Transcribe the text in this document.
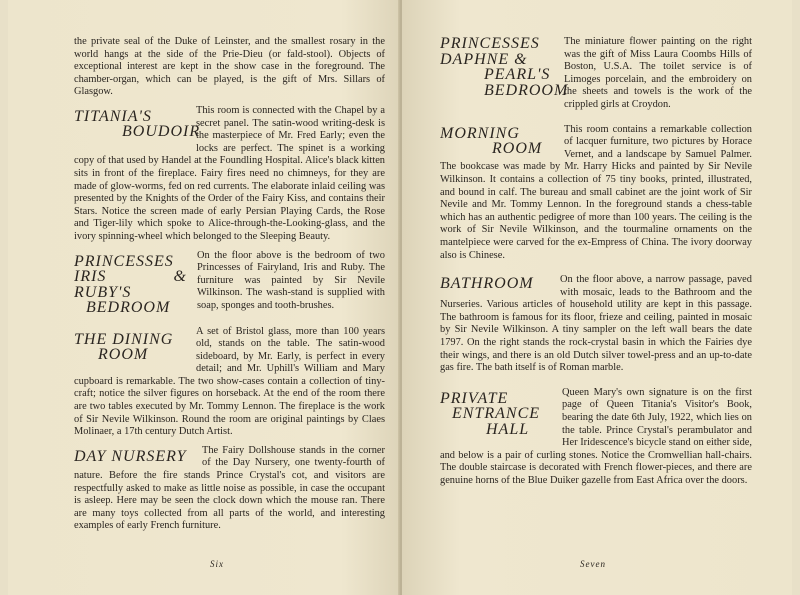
the private seal of the Duke of Leinster, and the smallest rosary in the world hangs at the side of the Prie-Dieu (or fald-stool). Objects of exceptional interest are kept in the show case in the foreground. The chamber-organ, which can be played, is the gift of Mrs. Sillars of Glasgow.

TITANIA'S
BOUDOIR

This room is connected with the Chapel by a secret panel. The satin-wood writing-desk is the masterpiece of Mr. Fred Early; even the locks are perfect. The spinet is a working copy of that used by Handel at the Foundling Hospital. Alice's black kitten sits in front of the fireplace. Fairy fires need no chimneys, for they are made of glow-worms, fed on red currents. The elaborate inlaid ceiling was presented by the Knights of the Order of the Fairy Kiss, and contains their Stars. Notice the screen made of early Persian Playing Cards, the Rose and Tiger-lily which spoke to Alice-through-the-Looking-glass, and the ivory spinning-wheel which belonged to the Sleeping Beauty.

PRINCESSES
IRIS & RUBY'S
BEDROOM

On the floor above is the bedroom of two Princesses of Fairyland, Iris and Ruby. The furniture was painted by Sir Nevile Wilkinson. The wash-stand is supplied with soap, sponges and tooth-brushes.

THE DINING
ROOM

A set of Bristol glass, more than 100 years old, stands on the table. The satin-wood sideboard, by Mr. Early, is perfect in every detail; and Mr. Uphill's William and Mary cupboard is remarkable. The two show-cases contain a collection of tiny-craft; notice the silver figures on horseback. At the end of the room there are two tables executed by Mr. Tommy Lennon. The fireplace is the work of Sir Nevile Wilkinson. Round the room are original paintings by Claes Molinaer, a 17th century Dutch Artist.

DAY NURSERY	The Fairy Dollshouse stands in the corner of the Day Nursery, one twenty-fourth of nature. Before the fire stands Prince Crystal's cot, and visitors are respectfully asked to make as little noise as possible, in case the occupant is asleep. Here may be seen the clock down which the mouse ran. There are many toys collected from all parts of the world, and interesting examples of early French furniture.

Six
PRINCESSES
DAPHNE &
PEARL'S
BEDROOM

The miniature flower painting on the right was the gift of Miss Laura Coombs Hills of Boston, U.S.A. The toilet service is of Limoges porcelain, and the embroidery on the sheets and towels is the work of the crippled girls at Croydon.

MORNING
ROOM

This room contains a remarkable collection of lacquer furniture, two pictures by Horace Vernet, and a landscape by Samuel Palmer. The bookcase was made by Mr. Harry Hicks and painted by Sir Nevile Wilkinson. It contains a collection of 75 tiny books, printed, illustrated, and bound in calf. The bureau and small cabinet are the joint work of Sir Nevile and Mr. Tommy Lennon. In the foreground stands a chess-table which has an authentic pedigree of more than 100 years. The ceiling is the work of Sir Nevile Wilkinson, and the tourmaline ornaments on the mantelpiece were carved for the ex-Empress of China. The ivory doorway also is Chinese.

BATHROOM	On the floor above, a narrow passage, paved with mosaic, leads to the Bathroom and the Nurseries. Various articles of household utility are kept in this passage. The bathroom is famous for its floor, frieze and ceiling, painted in mosaic by Sir Nevile Wilkinson. A tiny sampler on the left wall bears the date 1797. On the right stands the rock-crystal basin in which the Fairies dye their wings, and there is an old Dutch silver towel-press and an up-to-date gas fire. The bath itself is of Roman marble.

PRIVATE
ENTRANCE
HALL

Queen Mary's own signature is on the first page of Queen Titania's Visitor's Book, bearing the date 6th July, 1922, which lies on the table. Prince Crystal's perambulator and Her Iridescence's bicycle stand on either side, and below is a pair of curling stones. Notice the Cromwellian hall-chairs. The double staircase is decorated with French flower-pieces, and there are genuine horns of the Blue Duiker gazelle from East Africa over the doors.

Seven
